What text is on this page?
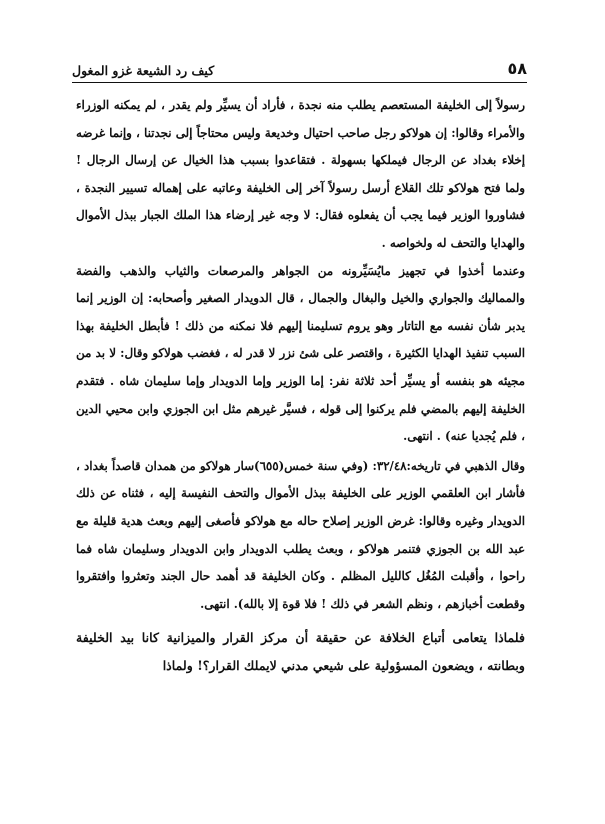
٥٨
كيف رد الشيعة غزو المغول

رسولاً إلى الخليفة المستعصم يطلب منه نجدة ، فأراد أن يسيِّر ولم يقدر ، لم يمكنه الوزراء والأمراء وقالوا: إن هولاكو رجل صاحب احتيال وخديعة وليس محتاجاً إلى نجدتنا ، وإنما غرضه إخلاء بغداد عن الرجال فيملكها بسهولة . فتقاعدوا بسبب هذا الخيال عن إرسال الرجال ! ولما فتح هولاكو تلك القلاع أرسل رسولاً آخر إلى الخليفة وعاتبه على إهماله تسيير النجدة ، فشاوروا الوزير فيما يجب أن يفعلوه فقال: لا وجه غير إرضاء هذا الملك الجبار ببذل الأموال والهدايا والتحف له ولخواصه .

وعندما أخذوا في تجهيز مايُسَيِّرونه من الجواهر والمرصعات والثياب والذهب والفضة والمماليك والجواري والخيل والبغال والجمال ، قال الدويدار الصغير وأصحابه: إن الوزير إنما يدبر شأن نفسه مع التاتار وهو يروم تسليمنا إليهم فلا نمكنه من ذلك ! فأبطل الخليفة بهذا السبب تنفيذ الهدايا الكثيرة ، واقتصر على شئ نزر لا قدر له ، فغضب هولاكو وقال: لا بد من مجيئه هو بنفسه أو يسيِّر أحد ثلاثة نفر: إما الوزير وإما الدويدار وإما سليمان شاه . فتقدم الخليفة إليهم بالمضي فلم يركنوا إلى قوله ، فسيَّر غيرهم مثل ابن الجوزي وابن محيي الدين ، فلم يُجديا عنه) . انتهى.

وقال الذهبي في تاريخه:٣٢/٤٨: (وفي سنة خمس(٦٥٥)سار هولاكو من همدان قاصداً بغداد ، فأشار ابن العلقمي الوزير على الخليفة ببذل الأموال والتحف النفيسة إليه ، فثناه عن ذلك الدويدار وغيره وقالوا: غرض الوزير إصلاح حاله مع هولاكو فأصغى إليهم وبعث هدية قليلة مع عبد الله بن الجوزي فتنمر هولاكو ، وبعث يطلب الدويدار وابن الدويدار وسليمان شاه فما راحوا ، وأقبلت المُغُل كالليل المظلم . وكان الخليفة قد أهمد حال الجند وتعثروا وافتقروا وقطعت أخبازهم ، ونظم الشعر في ذلك ! فلا قوة إلا بالله). انتهى.

فلماذا يتعامى أتباع الخلافة عن حقيقة أن مركز القرار والميزانية كانا بيد الخليفة وبطانته ، ويضعون المسؤولية على شيعي مدني لايملك القرار؟! ولماذا
